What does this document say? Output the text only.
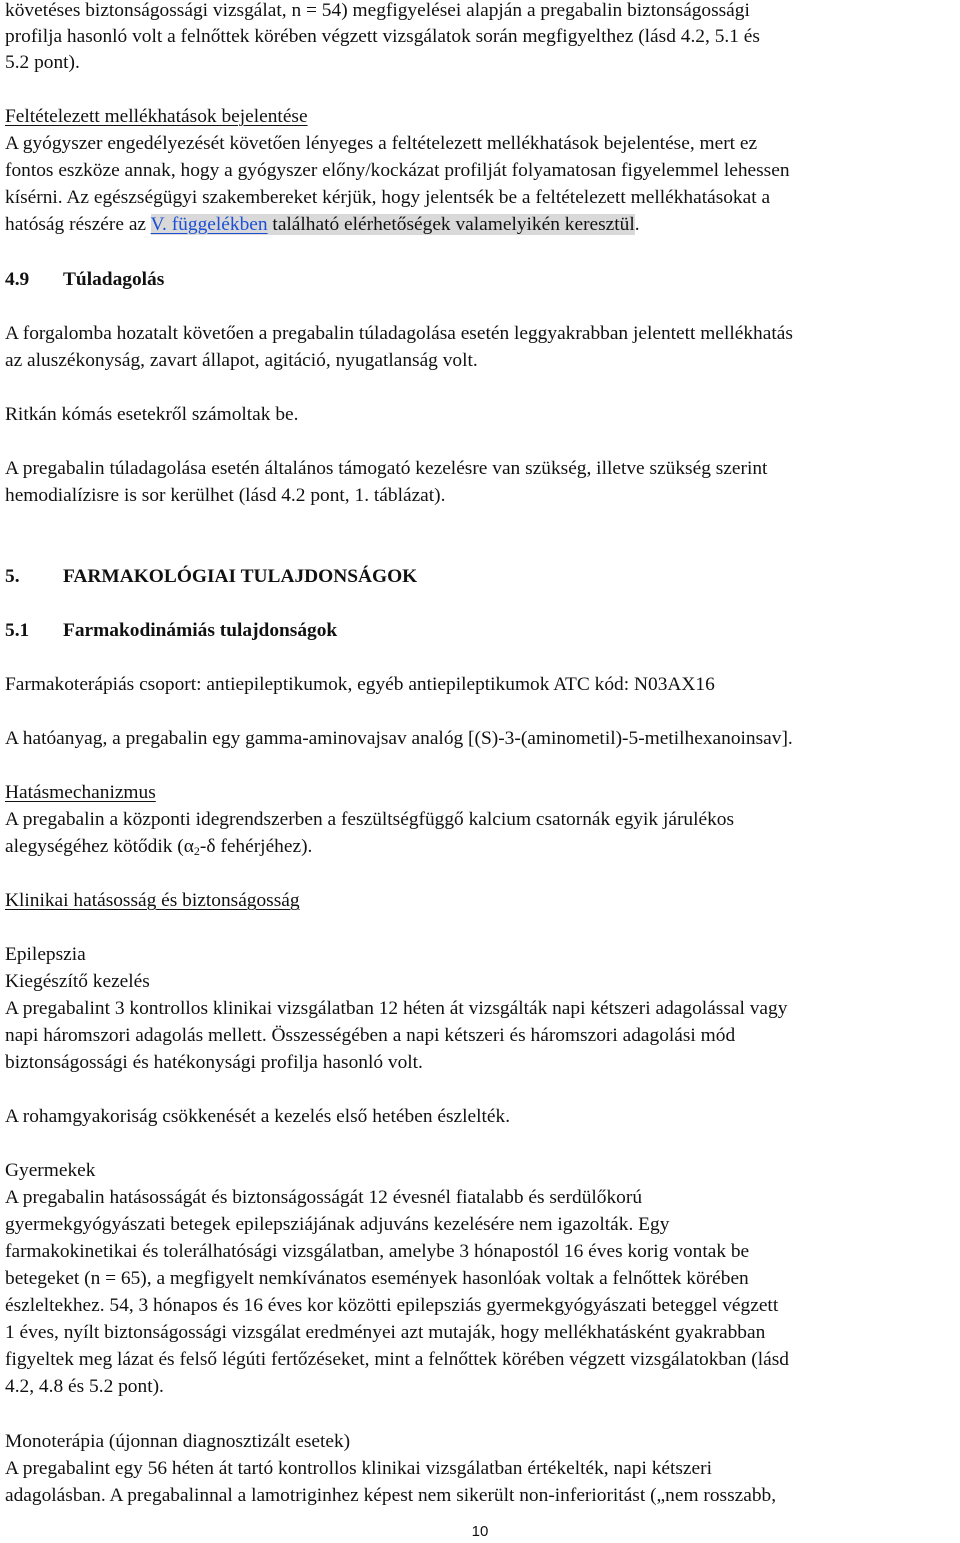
követéses biztonságossági vizsgálat, n = 54) megfigyelései alapján a pregabalin biztonságossági
profilja hasonló volt a felnőttek körében végzett vizsgálatok során megfigyelthez (lásd 4.2, 5.1 és
5.2 pont).
Feltételezett mellékhatások bejelentése
A gyógyszer engedélyezését követően lényeges a feltételezett mellékhatások bejelentése, mert ez
fontos eszköze annak, hogy a gyógyszer előny/kockázat profilját folyamatosan figyelemmel lehessen
kísérni. Az egészségügyi szakembereket kérjük, hogy jelentsék be a feltételezett mellékhatásokat a
hatóság részére az V. függelékben található elérhetőségek valamelyikén keresztül.
4.9 Túladagolás
A forgalomba hozatalt követően a pregabalin túladagolása esetén leggyakrabban jelentett mellékhatás
az aluszékonyság, zavart állapot, agitáció, nyugatlanság volt.
Ritkán kómás esetekről számoltak be.
A pregabalin túladagolása esetén általános támogató kezelésre van szükség, illetve szükség szerint
hemodialízisre is sor kerülhet (lásd 4.2 pont, 1. táblázat).
5. FARMAKOLÓGIAI TULAJDONSÁGOK
5.1 Farmakodinámiás tulajdonságok
Farmakoterápiás csoport: antiepileptikumok, egyéb antiepileptikumok ATC kód: N03AX16
A hatóanyag, a pregabalin egy gamma-aminovajsav analóg [(S)-3-(aminometil)-5-metilhexanoinsav].
Hatásmechanizmus
A pregabalin a központi idegrendszerben a feszültségfüggő kalcium csatornák egyik járulékos
alegységéhez kötődik ($\alpha_2-\delta$ fehérjéhez).
Klinikai hatásosság és biztonságosság
Epilepszia
Kiegészítő kezelés
A pregabalint 3 kontrollos klinikai vizsgálatban 12 héten át vizsgálták napi kétszeri adagolással vagy
napi háromszori adagolás mellett. Összességében a napi kétszeri és háromszori adagolási mód
biztonságossági és hatékonysági profilja hasonló volt.
A rohamgyakoriság csökkenését a kezelés első hetében észlelték.
Gyermekek
A pregabalin hatásosságát és biztonságosságát 12 évesnél fiatalabb és serdülőkorú
gyermekgyógyászati betegek epilepsziájának adjuváns kezelésére nem igazolták. Egy
farmakokinetikai és tolerálhatósági vizsgálatban, amelybe 3 hónapostól 16 éves korig vontak be
betegeket (n = 65), a megfigyelt nemkívánatos események hasonlóak voltak a felnőttek körében
észleltekhez. 54, 3 hónapos és 16 éves kor közötti epilepsziás gyermekgyógyászati beteggel végzett
1 éves, nyílt biztonságossági vizsgálat eredményei azt mutaják, hogy mellékhatásként gyakrabban
figyeltek meg lázat és felső légúti fertőzéseket, mint a felnőttek körében végzett vizsgálatokban (lásd
4.2, 4.8 és 5.2 pont).
Monoterápia (újonnan diagnosztizált esetek)
A pregabalint egy 56 héten át tartó kontrollos klinikai vizsgálatban értékelték, napi kétszeri
adagolásban. A pregabalinnal a lamotriginhez képest nem sikerült non-inferioritást („nem rosszabb,
10
